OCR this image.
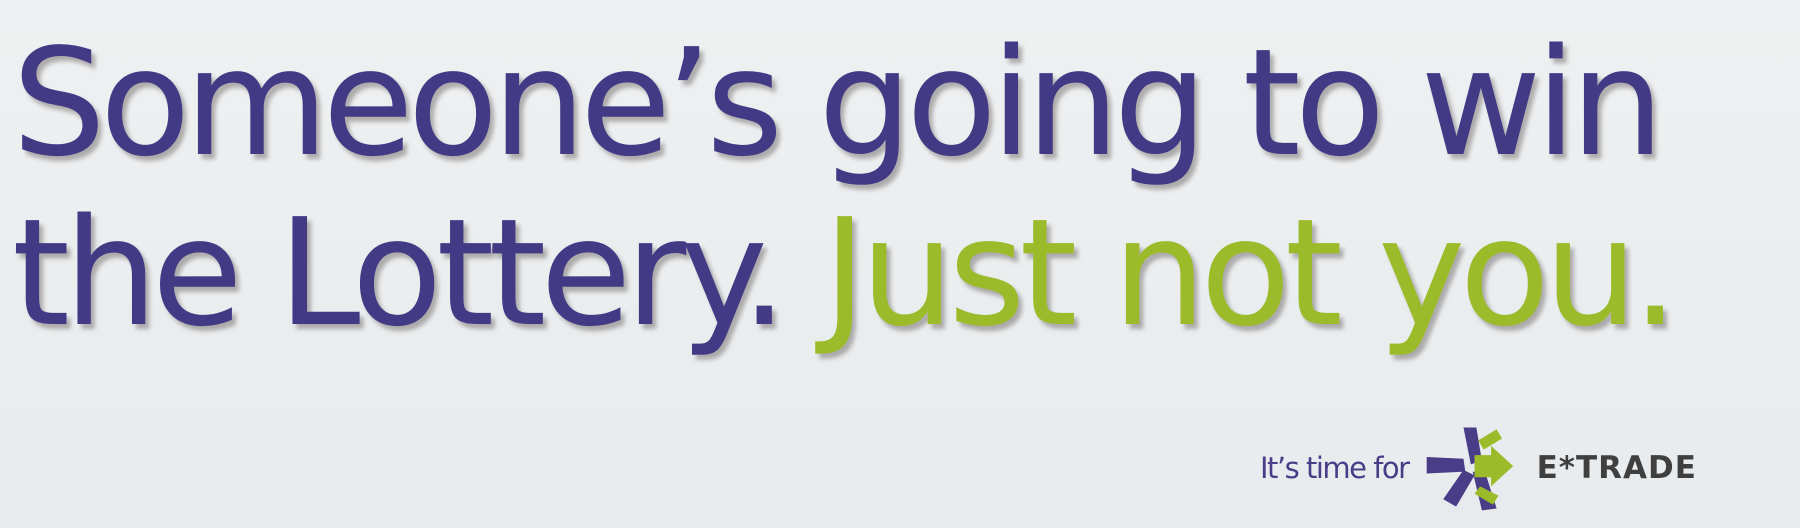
Someone’s going to win
the Lottery. Just not you.
It’s time for	E*TRADE
